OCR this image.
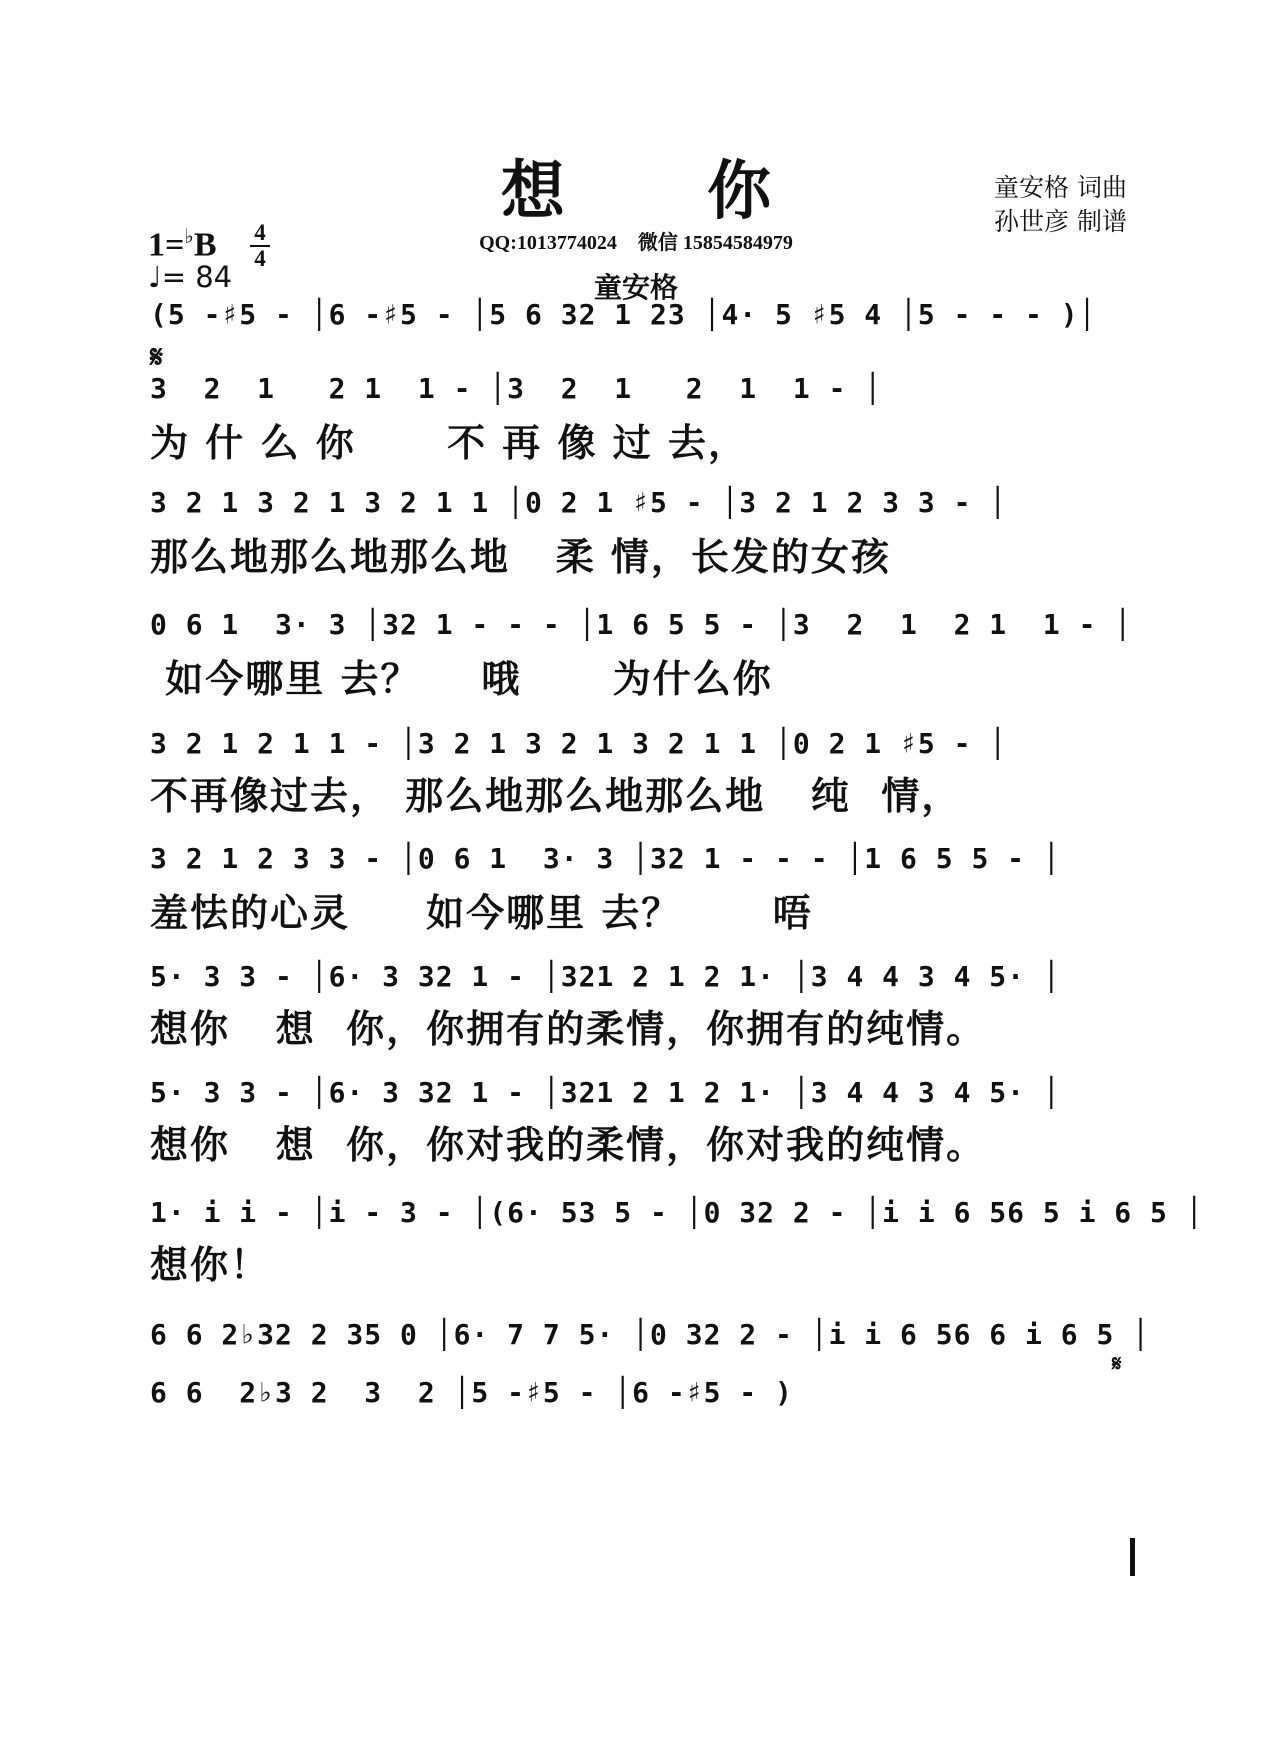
想 你
QQ:1013774024 微信 15854584979
童安格
童安格 词曲
孙世彦 制谱
1=♭B 4
4
♩= 84
(5 -♯5 - │6 -♯5 - │5 6 32 1 23 │4· 5 ♯5 4 │5 - - - )│
𝄋
3  2  1   2 1  1 - │3  2  1   2  1  1 - │
为 什 么 你      不 再 像 过 去，
3 2 1 3 2 1 3 2 1 1 │0 2 1 ♯5 - │3 2 1 2 3 3 - │
那么地那么地那么地   柔 情，长发的女孩
0 6 1  3· 3 │32 1 - - - │1 6 5 5 - │3  2  1  2 1  1 - │
如今哪里 去？    哦      为什么你
3 2 1 2 1 1 - │3 2 1 3 2 1 3 2 1 1 │0 2 1 ♯5 - │
不再像过去， 那么地那么地那么地   纯  情，
3 2 1 2 3 3 - │0 6 1  3· 3 │32 1 - - - │1 6 5 5 - │
羞怯的心灵     如今哪里 去？      唔
5· 3 3 - │6· 3 32 1 - │321 2 1 2 1· │3 4 4 3 4 5· │
想你   想  你，你拥有的柔情，你拥有的纯情。
5· 3 3 - │6· 3 32 1 - │321 2 1 2 1· │3 4 4 3 4 5· │
想你   想  你，你对我的柔情，你对我的纯情。
1· i i - │i - 3 - │(6· 53 5 - │0 32 2 - │i i 6 56 5 i 6 5 │
想你！
6 6 2♭32 2 35 0 │6· 7 7 5· │0 32 2 - │i i 6 56 6 i 6 5 │
6 6  2♭3 2  3  2 │5 -♯5 - │6 -♯5 - )
𝄋
